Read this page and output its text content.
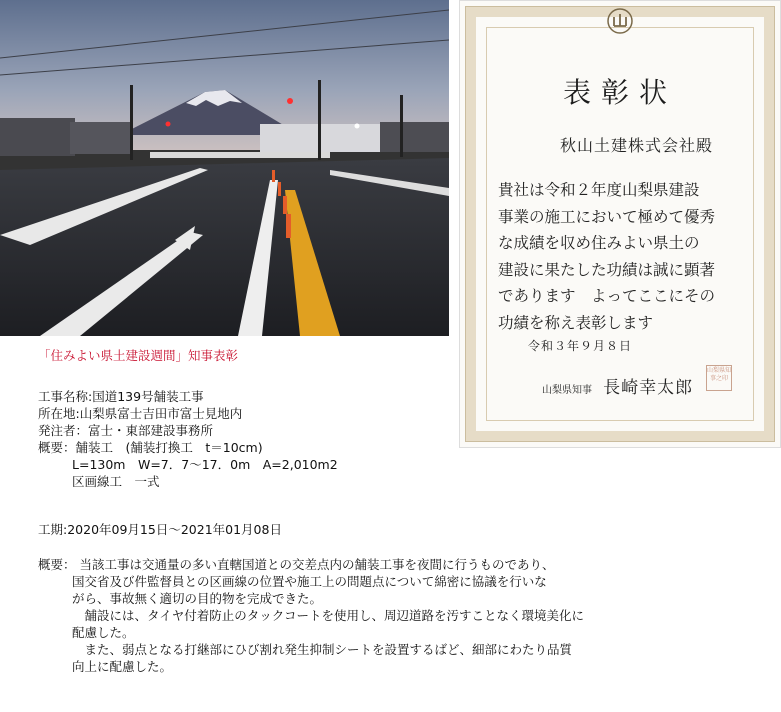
表彰状
秋山土建株式会社殿
貴社は令和２年度山梨県建設
事業の施工において極めて優秀
な成績を収め住みよい県土の
建設に果たした功績は誠に顕著
であります　よってここにその
功績を称え表彰します
令和３年９月８日
山梨県知事 長崎幸太郎
山梨県知事之印
「住みよい県土建設週間」知事表彰
工事名称:国道139号舗装工事
所在地:山梨県富士吉田市富士見地内
発注者：富士・東部建設事務所
概要：舗装工　(舗装打換工　t＝10cm)
L=130m　W=7．7～17．0m　A=2,010m2
区画線工　一式
工期:2020年09月15日～2021年01月08日
概要： 当該工事は交通量の多い直轄国道との交差点内の舗装工事を夜間に行うものであり、
国交省及び件監督員との区画線の位置や施工上の問題点について綿密に協議を行いな
がら、事故無く適切の目的物を完成できた。
　舗設には、タイヤ付着防止のタックコートを使用し、周辺道路を汚すことなく環境美化に
配慮した。
　また、弱点となる打継部にひび割れ発生抑制シートを設置するばど、細部にわたり品質
向上に配慮した。
